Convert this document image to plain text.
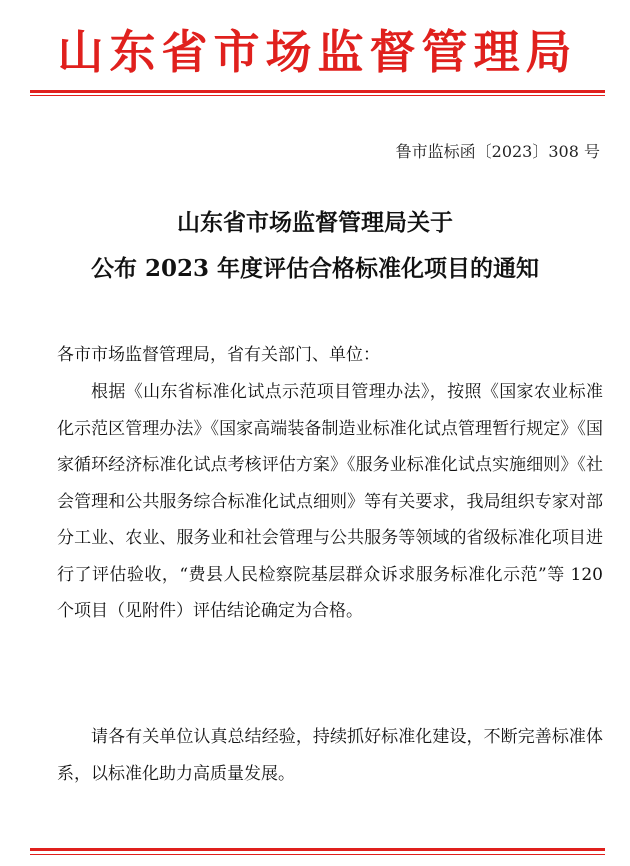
山东省市场监督管理局
鲁市监标函〔2023〕308 号
山东省市场监督管理局关于
公布 2023 年度评估合格标准化项目的通知
各市市场监督管理局，省有关部门、单位：
根据《山东省标准化试点示范项目管理办法》，按照《国家农业标准化示范区管理办法》《国家高端装备制造业标准化试点管理暂行规定》《国家循环经济标准化试点考核评估方案》《服务业标准化试点实施细则》《社会管理和公共服务综合标准化试点细则》等有关要求，我局组织专家对部分工业、农业、服务业和社会管理与公共服务等领域的省级标准化项目进行了评估验收，“费县人民检察院基层群众诉求服务标准化示范”等 120 个项目（见附件）评估结论确定为合格。
请各有关单位认真总结经验，持续抓好标准化建设，不断完善标准体系，以标准化助力高质量发展。
